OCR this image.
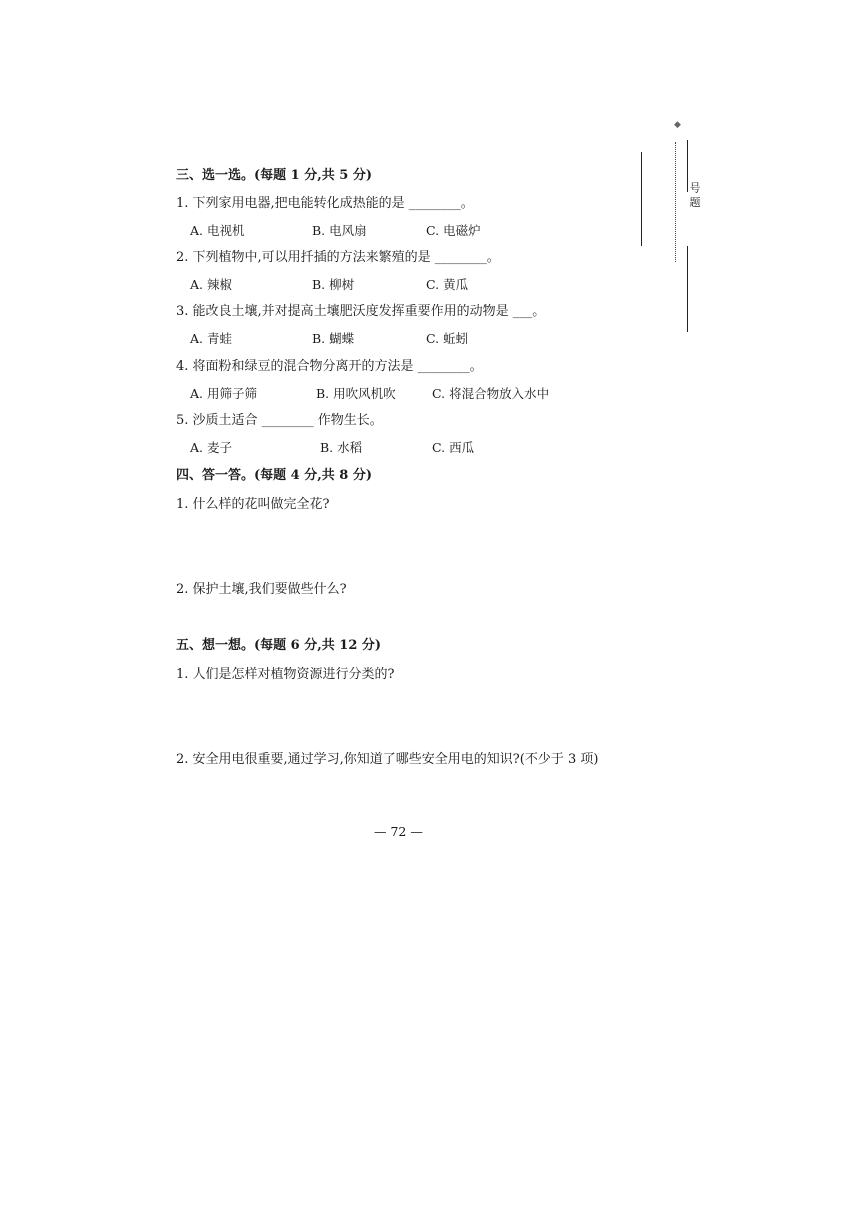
三、选一选。(每题 1 分,共 5 分)
1. 下列家用电器,把电能转化成热能的是 ________。
A. 电视机	B. 电风扇	C. 电磁炉
2. 下列植物中,可以用扦插的方法来繁殖的是 ________。
A. 辣椒	B. 柳树	C. 黄瓜
3. 能改良土壤,并对提高土壤肥沃度发挥重要作用的动物是 ___。
A. 青蛙	B. 蝴蝶	C. 蚯蚓
4. 将面粉和绿豆的混合物分离开的方法是 ________。
A. 用筛子筛	B. 用吹风机吹	C. 将混合物放入水中
5. 沙质土适合 ________ 作物生长。
A. 麦子	B. 水稻	C. 西瓜
四、答一答。(每题 4 分,共 8 分)
1. 什么样的花叫做完全花?
2. 保护土壤,我们要做些什么?
五、想一想。(每题 6 分,共 12 分)
1. 人们是怎样对植物资源进行分类的?
2. 安全用电很重要,通过学习,你知道了哪些安全用电的知识?(不少于 3 项)
— 72 —
◆
号 题
